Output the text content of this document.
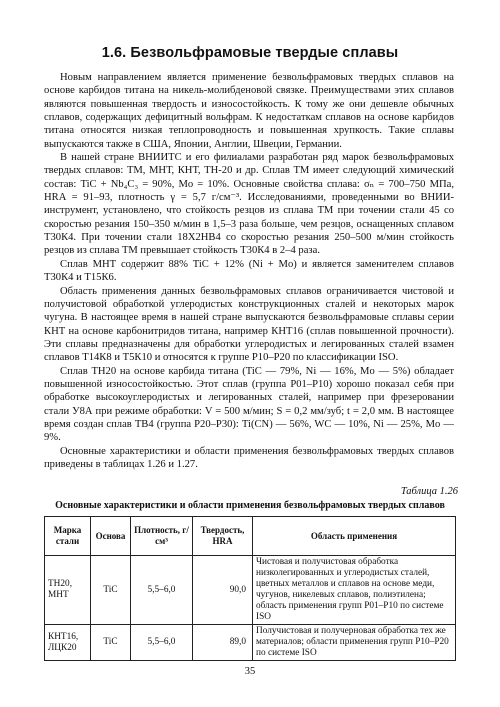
1.6. Безвольфрамовые твердые сплавы

Новым направлением является применение безвольфрамовых твердых сплавов на основе карбидов титана на никель-молибденовой связке. Преимуществами этих сплавов являются повышенная твердость и износостойкость. К тому же они дешевле обычных сплавов, содержащих дефицитный вольфрам. К недостаткам сплавов на основе карбидов титана относятся низкая теплопроводность и повышенная хрупкость. Такие сплавы выпускаются также в США, Японии, Англии, Швеции, Германии.

В нашей стране ВНИИТС и его филиалами разработан ряд марок безвольфрамовых твердых сплавов: ТМ, МНТ, КНТ, ТН-20 и др. Сплав ТМ имеет следующий химический состав: TiC + Nb₄C₃ = 90%, Mo = 10%. Основные свойства сплава: σₙ = 700–750 МПа, HRA = 91–93, плотность γ = 5,7 г/см⁻³. Исследованиями, проведенными во ВНИИ-инструмент, установлено, что стойкость резцов из сплава ТМ при точении стали 45 со скоростью резания 150–350 м/мин в 1,5–3 раза больше, чем резцов, оснащенных сплавом Т30К4. При точении стали 18Х2НВ4 со скоростью резания 250–500 м/мин стойкость резцов из сплава ТМ превышает стойкость Т30К4 в 2–4 раза.

Сплав МНТ содержит 88% TiC + 12% (Ni + Mo) и является заменителем сплавов Т30К4 и Т15К6.

Область применения данных безвольфрамовых сплавов ограничивается чистовой и получистовой обработкой углеродистых конструкционных сталей и некоторых марок чугуна. В настоящее время в нашей стране выпускаются безвольфрамовые сплавы серии КНТ на основе карбонитридов титана, например КНТ16 (сплав повышенной прочности). Эти сплавы предназначены для обработки углеродистых и легированных сталей взамен сплавов Т14К8 и Т5К10 и относятся к группе Р10–Р20 по классификации ISO.

Сплав ТН20 на основе карбида титана (TiC — 79%, Ni — 16%, Mo — 5%) обладает повышенной износостойкостью. Этот сплав (группа Р01–Р10) хорошо показал себя при обработке высокоуглеродистых и легированных сталей, например при фрезеровании стали У8А при режиме обработки: V = 500 м/мин; S = 0,2 мм/зуб; t = 2,0 мм. В настоящее время создан сплав ТВ4 (группа Р20–Р30): Ti(CN) — 56%, WC — 10%, Ni — 25%, Mo — 9%.

Основные характеристики и области применения безвольфрамовых твердых сплавов приведены в таблицах 1.26 и 1.27.

Таблица 1.26
Основные характеристики и области применения безвольфрамовых твердых сплавов
Марка стали	Основа	Плотность, г/см³	Твердость, HRA	Область применения
ТН20, МНТ	TiC	5,5–6,0	90,0	Чистовая и получистовая обработка низколегированных и углеродистых сталей, цветных металлов и сплавов на основе меди, чугунов, никелевых сплавов, полиэтилена; область применения групп Р01–Р10 по системе ISO
КНТ16, ЛЦК20	TiC	5,5–6,0	89,0	Получистовая и получерновая обработка тех же материалов; области применения групп Р10–Р20 по системе ISO
35
